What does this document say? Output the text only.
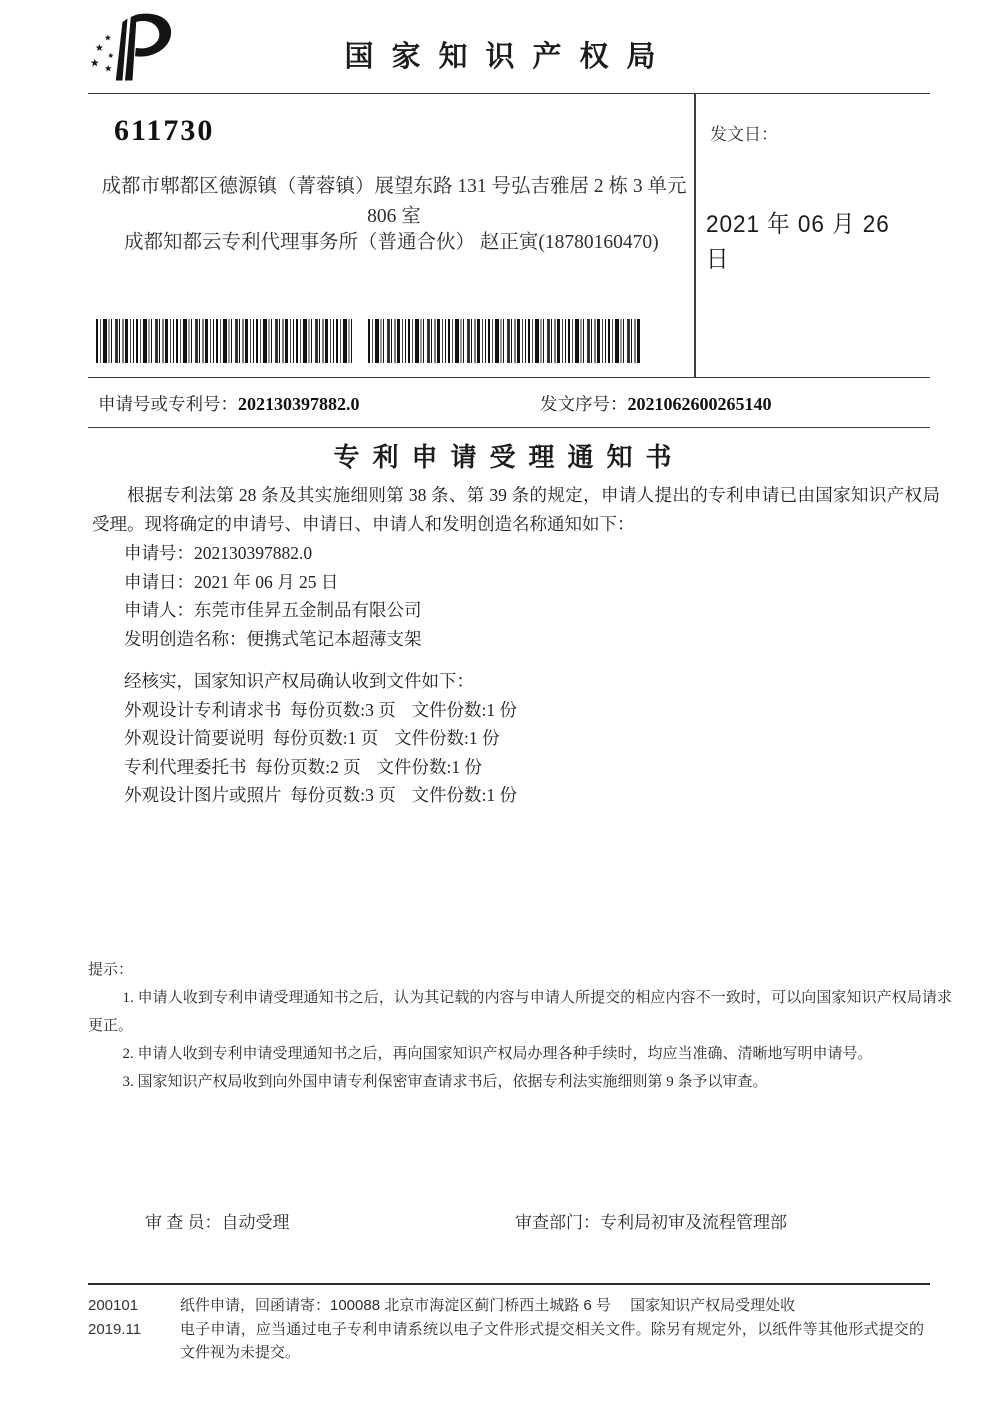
★
★
★
★ ★	国家知识产权局
611730
成都市郫都区德源镇（菁蓉镇）展望东路 131 号弘吉雅居 2 栋 3 单元
806 室
成都知都云专利代理事务所（普通合伙） 赵正寅(18780160470)
发文日：
2021 年 06 月 26 日
申请号或专利号：202130397882.0	发文序号：2021062600265140
专利申请受理通知书

根据专利法第 28 条及其实施细则第 38 条、第 39 条的规定，申请人提出的专利申请已由国家知识产权局受理。现将确定的申请号、申请日、申请人和发明创造名称通知如下：

申请号：202130397882.0
申请日：2021 年 06 月 25 日
申请人：东莞市佳昇五金制品有限公司
发明创造名称：便携式笔记本超薄支架
经核实，国家知识产权局确认收到文件如下：
外观设计专利请求书 每份页数:3 页 文件份数:1 份
外观设计简要说明 每份页数:1 页 文件份数:1 份
专利代理委托书 每份页数:2 页 文件份数:1 份
外观设计图片或照片 每份页数:3 页 文件份数:1 份

提示：

1. 申请人收到专利申请受理通知书之后，认为其记载的内容与申请人所提交的相应内容不一致时，可以向国家知识产权局请求更正。

2. 申请人收到专利申请受理通知书之后，再向国家知识产权局办理各种手续时，均应当准确、清晰地写明申请号。

3. 国家知识产权局收到向外国申请专利保密审查请求书后，依据专利法实施细则第 9 条予以审查。

审 查 员：自动受理	审查部门：专利局初审及流程管理部
200101	纸件申请，回函请寄：100088 北京市海淀区蓟门桥西土城路 6 号　 国家知识产权局受理处收
2019.11	电子申请，应当通过电子专利申请系统以电子文件形式提交相关文件。除另有规定外，以纸件等其他形式提交的文件视为未提交。
